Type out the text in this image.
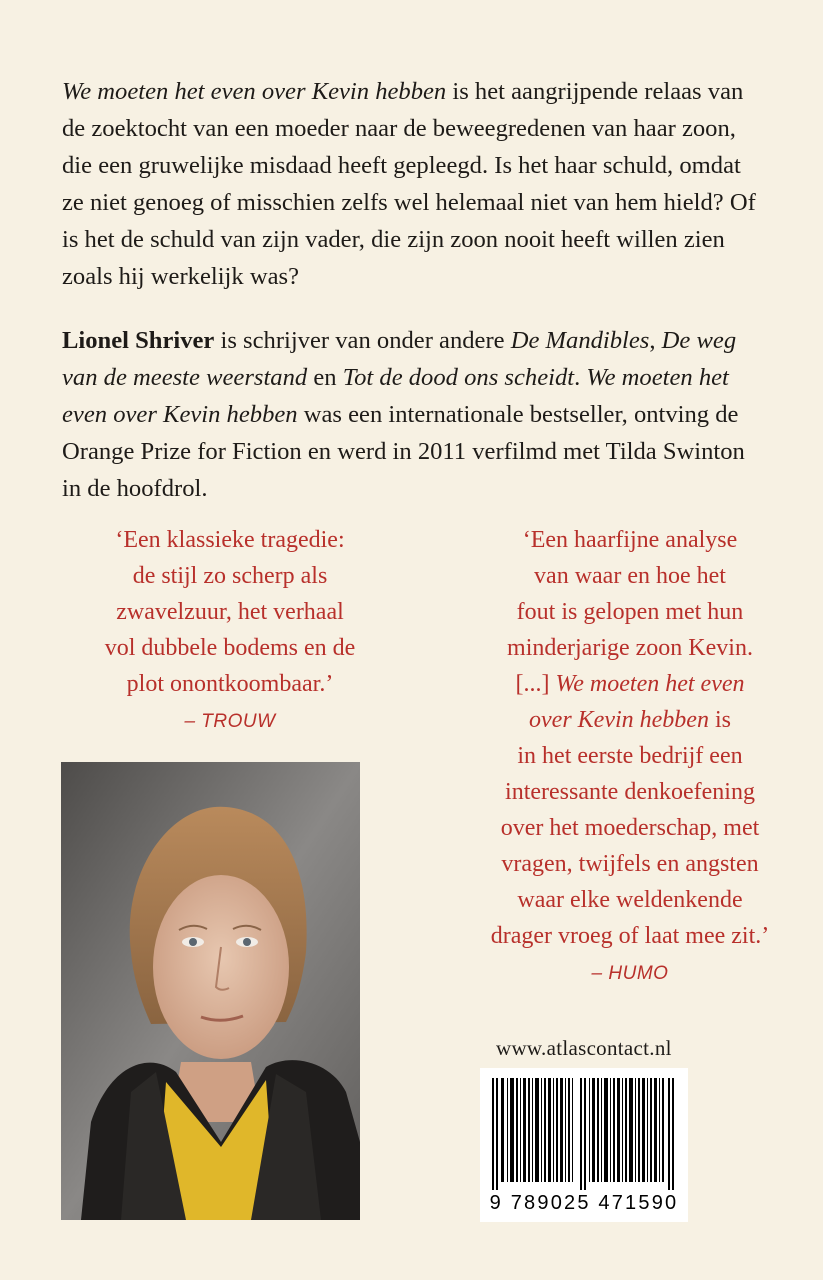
We moeten het even over Kevin hebben is het aangrijpende relaas van de zoektocht van een moeder naar de beweegredenen van haar zoon, die een gruwelijke misdaad heeft gepleegd. Is het haar schuld, omdat ze niet genoeg of misschien zelfs wel helemaal niet van hem hield? Of is het de schuld van zijn vader, die zijn zoon nooit heeft willen zien zoals hij werkelijk was?

Lionel Shriver is schrijver van onder andere De Mandibles, De weg van de meeste weerstand en Tot de dood ons scheidt. We moeten het even over Kevin hebben was een internationale bestseller, ontving de Orange Prize for Fiction en werd in 2011 verfilmd met Tilda Swinton in de hoofdrol.

‘Een klassieke tragedie:
de stijl zo scherp als
zwavelzuur, het verhaal
vol dubbele bodems en de
plot onontkoombaar.’
– TROUW
‘Een haarfijne analyse
van waar en hoe het
fout is gelopen met hun
minderjarige zoon Kevin.
[...] We moeten het even
over Kevin hebben is
in het eerste bedrijf een
interessante denkoefening
over het moederschap, met
vragen, twijfels en angsten
waar elke weldenkende
drager vroeg of laat mee zit.’
– HUMO
www.atlascontact.nl
9 789025 471590
